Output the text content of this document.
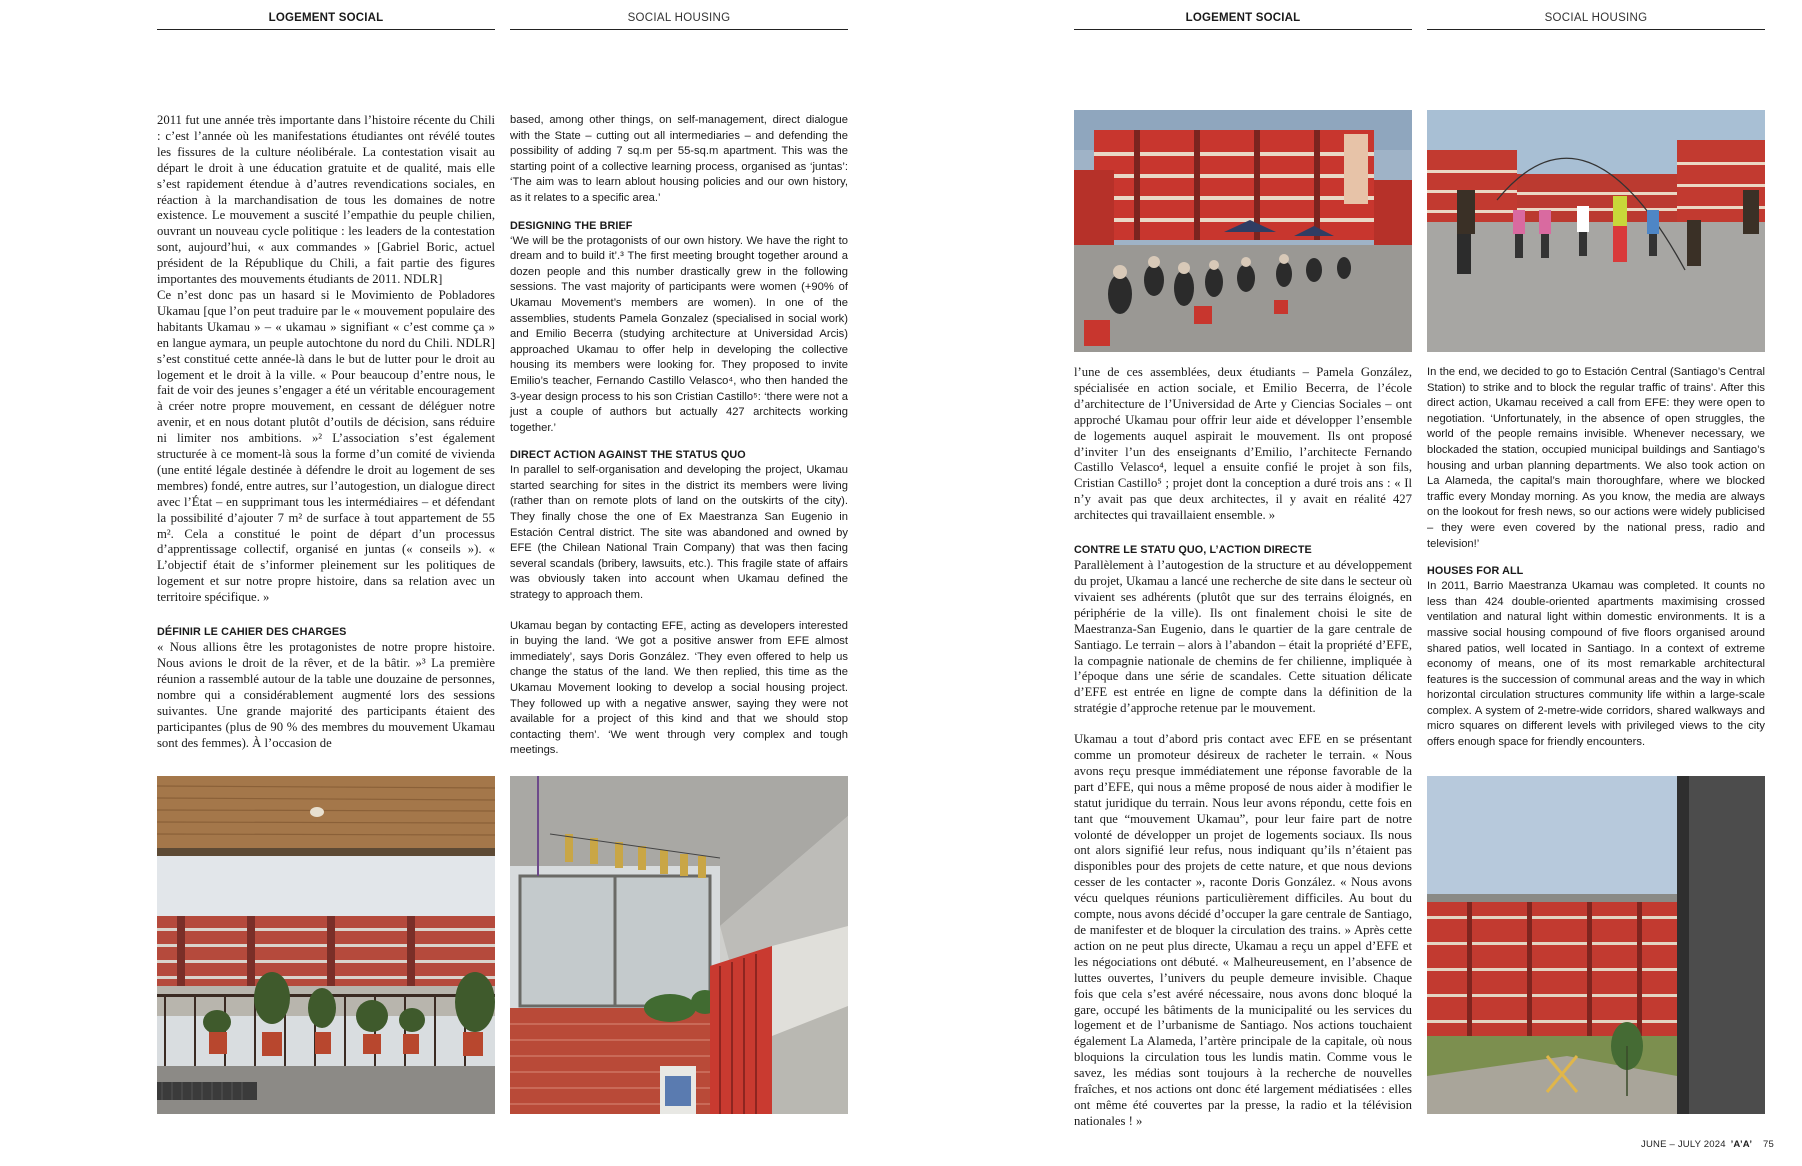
LOGEMENT SOCIAL	SOCIAL HOUSING

2011 fut une année très importante dans l’histoire récente du Chili : c’est l’année où les manifestations étudiantes ont révélé toutes les fissures de la culture néolibérale. La contestation visait au départ le droit à une éducation gratuite et de qualité, mais elle s’est rapidement étendue à d’autres revendications sociales, en réaction à la marchandisation de tous les domaines de notre existence. Le mouvement a suscité l’empathie du peuple chilien, ouvrant un nouveau cycle politique : les leaders de la contestation sont, aujourd’hui, « aux commandes » [Gabriel Boric, actuel président de la République du Chili, a fait partie des figures importantes des mouvements étudiants de 2011. NDLR]

Ce n’est donc pas un hasard si le Movimiento de Pobladores Ukamau [que l’on peut traduire par le « mouvement populaire des habitants Ukamau » – « ukamau » signifiant « c’est comme ça » en langue aymara, un peuple autochtone du nord du Chili. NDLR] s’est constitué cette année-là dans le but de lutter pour le droit au logement et le droit à la ville. « Pour beaucoup d’entre nous, le fait de voir des jeunes s’engager a été un véritable encouragement à créer notre propre mouvement, en cessant de déléguer notre avenir, et en nous dotant plutôt d’outils de décision, sans réduire ni limiter nos ambitions. »² L’association s’est également structurée à ce moment-là sous la forme d’un comité de vivienda (une entité légale destinée à défendre le droit au logement de ses membres) fondé, entre autres, sur l’autogestion, un dialogue direct avec l’État – en supprimant tous les intermédiaires – et défendant la possibilité d’ajouter 7 m² de surface à tout appartement de 55 m². Cela a constitué le point de départ d’un processus d’apprentissage collectif, organisé en juntas (« conseils »). « L’objectif était de s’informer pleinement sur les politiques de logement et sur notre propre histoire, dans sa relation avec un territoire spécifique. »

DÉFINIR LE CAHIER DES CHARGES

« Nous allions être les protagonistes de notre propre histoire. Nous avions le droit de la rêver, et de la bâtir. »³ La première réunion a rassemblé autour de la table une douzaine de personnes, nombre qui a considérablement augmenté lors des sessions suivantes. Une grande majorité des participants étaient des participantes (plus de 90 % des membres du mouvement Ukamau sont des femmes). À l’occasion de

based, among other things, on self-management, direct dialogue with the State – cutting out all intermediaries – and defending the possibility of adding 7 sq.m per 55-sq.m apartment. This was the starting point of a collective learning process, organised as ‘juntas’: ‘The aim was to learn ablout housing policies and our own history, as it relates to a specific area.’

DESIGNING THE BRIEF

‘We will be the protagonists of our own history. We have the right to dream and to build it’.³ The first meeting brought together around a dozen people and this number drastically grew in the following sessions. The vast majority of participants were women (+90% of Ukamau Movement’s members are women). In one of the assemblies, students Pamela Gonzalez (specialised in social work) and Emilio Becerra (studying architecture at Universidad Arcis) approached Ukamau to offer help in developing the collective housing its members were looking for. They proposed to invite Emilio’s teacher, Fernando Castillo Velasco⁴, who then handed the 3-year design process to his son Cristian Castillo⁵: ‘there were not a just a couple of authors but actually 427 architects working together.’

DIRECT ACTION AGAINST THE STATUS QUO

In parallel to self-organisation and developing the project, Ukamau started searching for sites in the district its members were living (rather than on remote plots of land on the outskirts of the city). They finally chose the one of Ex Maestranza San Eugenio in Estación Central district. The site was abandoned and owned by EFE (the Chilean National Train Company) that was then facing several scandals (bribery, lawsuits, etc.). This fragile state of affairs was obviously taken into account when Ukamau defined the strategy to approach them.

Ukamau began by contacting EFE, acting as developers interested in buying the land. ‘We got a positive answer from EFE almost immediately’, says Doris González. ‘They even offered to help us change the status of the land. We then replied, this time as the Ukamau Movement looking to develop a social housing project. They followed up with a negative answer, saying they were not available for a project of this kind and that we should stop contacting them’. ‘We went through very complex and tough meetings.

LOGEMENT SOCIAL	SOCIAL HOUSING

l’une de ces assemblées, deux étudiants – Pamela González, spécialisée en action sociale, et Emilio Becerra, de l’école d’architecture de l’Universidad de Arte y Ciencias Sociales – ont approché Ukamau pour offrir leur aide et développer l’ensemble de logements auquel aspirait le mouvement. Ils ont proposé d’inviter l’un des enseignants d’Emilio, l’architecte Fernando Castillo Velasco⁴, lequel a ensuite confié le projet à son fils, Cristian Castillo⁵ ; projet dont la conception a duré trois ans : « Il n’y avait pas que deux architectes, il y avait en réalité 427 architectes qui travaillaient ensemble. »

CONTRE LE STATU QUO, L’ACTION DIRECTE

Parallèlement à l’autogestion de la structure et au développement du projet, Ukamau a lancé une recherche de site dans le secteur où vivaient ses adhérents (plutôt que sur des terrains éloignés, en périphérie de la ville). Ils ont finalement choisi le site de Maestranza-San Eugenio, dans le quartier de la gare centrale de Santiago. Le terrain – alors à l’abandon – était la propriété d’EFE, la compagnie nationale de chemins de fer chilienne, impliquée à l’époque dans une série de scandales. Cette situation délicate d’EFE est entrée en ligne de compte dans la définition de la stratégie d’approche retenue par le mouvement.

Ukamau a tout d’abord pris contact avec EFE en se présentant comme un promoteur désireux de racheter le terrain. « Nous avons reçu presque immédiatement une réponse favorable de la part d’EFE, qui nous a même proposé de nous aider à modifier le statut juridique du terrain. Nous leur avons répondu, cette fois en tant que “mouvement Ukamau”, pour leur faire part de notre volonté de développer un projet de logements sociaux. Ils nous ont alors signifié leur refus, nous indiquant qu’ils n’étaient pas disponibles pour des projets de cette nature, et que nous devions cesser de les contacter », raconte Doris González. « Nous avons vécu quelques réunions particulièrement difficiles. Au bout du compte, nous avons décidé d’occuper la gare centrale de Santiago, de manifester et de bloquer la circulation des trains. » Après cette action on ne peut plus directe, Ukamau a reçu un appel d’EFE et les négociations ont débuté. « Malheureusement, en l’absence de luttes ouvertes, l’univers du peuple demeure invisible. Chaque fois que cela s’est avéré nécessaire, nous avons donc bloqué la gare, occupé les bâtiments de la municipalité ou les services du logement et de l’urbanisme de Santiago. Nos actions touchaient également La Alameda, l’artère principale de la capitale, où nous bloquions la circulation tous les lundis matin. Comme vous le savez, les médias sont toujours à la recherche de nouvelles fraîches, et nos actions ont donc été largement médiatisées : elles ont même été couvertes par la presse, la radio et la télévision nationales ! »

In the end, we decided to go to Estación Central (Santiago’s Central Station) to strike and to block the regular traffic of trains’. After this direct action, Ukamau received a call from EFE: they were open to negotiation. ‘Unfortunately, in the absence of open struggles, the world of the people remains invisible. Whenever necessary, we blockaded the station, occupied municipal buildings and Santiago’s housing and urban planning departments. We also took action on La Alameda, the capital’s main thoroughfare, where we blocked traffic every Monday morning. As you know, the media are always on the lookout for fresh news, so our actions were widely publicised – they were even covered by the national press, radio and television!’

HOUSES FOR ALL

In 2011, Barrio Maestranza Ukamau was completed. It counts no less than 424 double-oriented apartments maximising crossed ventilation and natural light within domestic environments. It is a massive social housing compound of five floors organised around shared patios, well located in Santiago. In a context of extreme economy of means, one of its most remarkable architectural features is the succession of communal areas and the way in which horizontal circulation structures community life within a large-scale complex. A system of 2-metre-wide corridors, shared walkways and micro squares on different levels with privileged views to the city offers enough space for friendly encounters.

JUNE – JULY 2024 ’A’A’ 75
